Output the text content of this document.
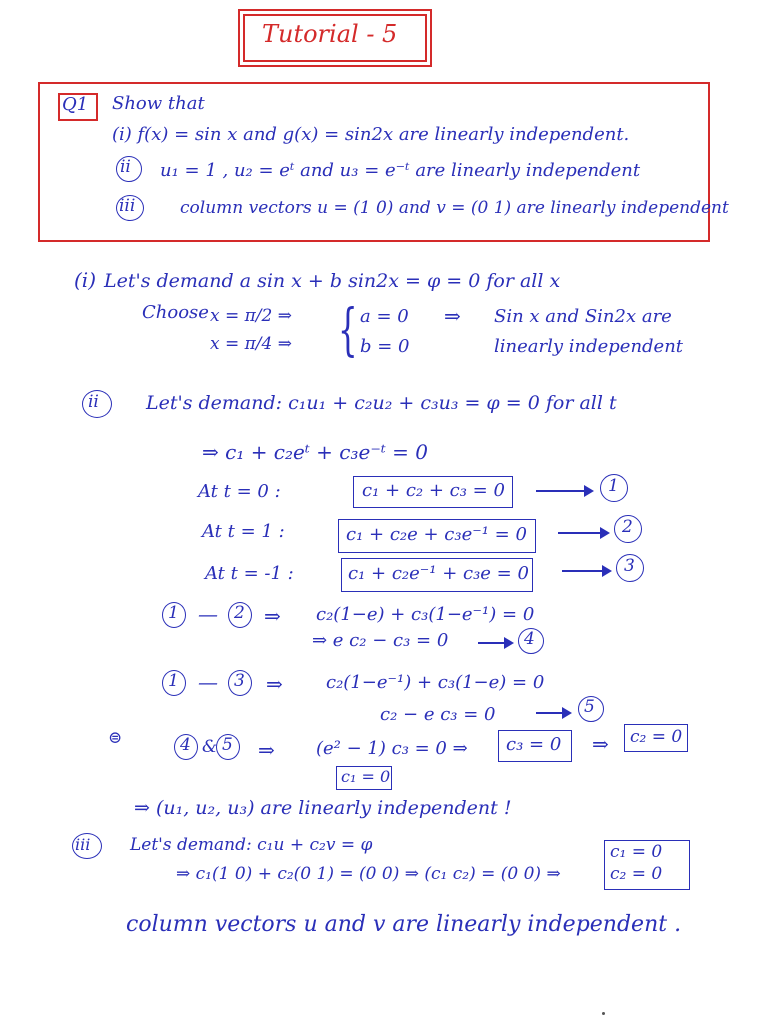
Tutorial - 5
Q1 Show that
(i) f(x) = sin x and g(x) = sin2x are linearly independent.
ii u₁ = 1 , u₂ = eᵗ and u₃ = e⁻ᵗ are linearly independent
iii	column vectors u = (1 0) and v = (0 1) are linearly independent
(i) Let's demand a sin x + b sin2x = φ = 0 for all x
Choose x = π/2 ⇒
x = π/4 ⇒ { a = 0
b = 0
⇒ Sin x and Sin2x are
linearly independent
ii Let's demand: c₁u₁ + c₂u₂ + c₃u₃ = φ = 0 for all t
⇒ c₁ + c₂eᵗ + c₃e⁻ᵗ = 0
At t = 0 :	c₁ + c₂ + c₃ = 0	1
At t = 1 :	c₁ + c₂e + c₃e⁻¹ = 0	2
At t = -1 :	c₁ + c₂e⁻¹ + c₃e = 0	3
1 — 2 ⇒ c₂(1−e) + c₃(1−e⁻¹) = 0
⇒ e c₂ − c₃ = 0	4
1 — 3 ⇒ c₂(1−e⁻¹) + c₃(1−e) = 0
c₂ − e c₃ = 0	5
⊜	4 & 5 ⇒ (e² − 1) c₃ = 0 ⇒ c₃ = 0 ⇒ c₂ = 0
c₁ = 0
⇒ (u₁, u₂, u₃) are linearly independent !
iii Let's demand: c₁u + c₂v = φ
⇒ c₁(1 0) + c₂(0 1) = (0 0) ⇒ (c₁ c₂) = (0 0) ⇒
c₁ = 0
c₂ = 0
column vectors u and v are linearly independent .
